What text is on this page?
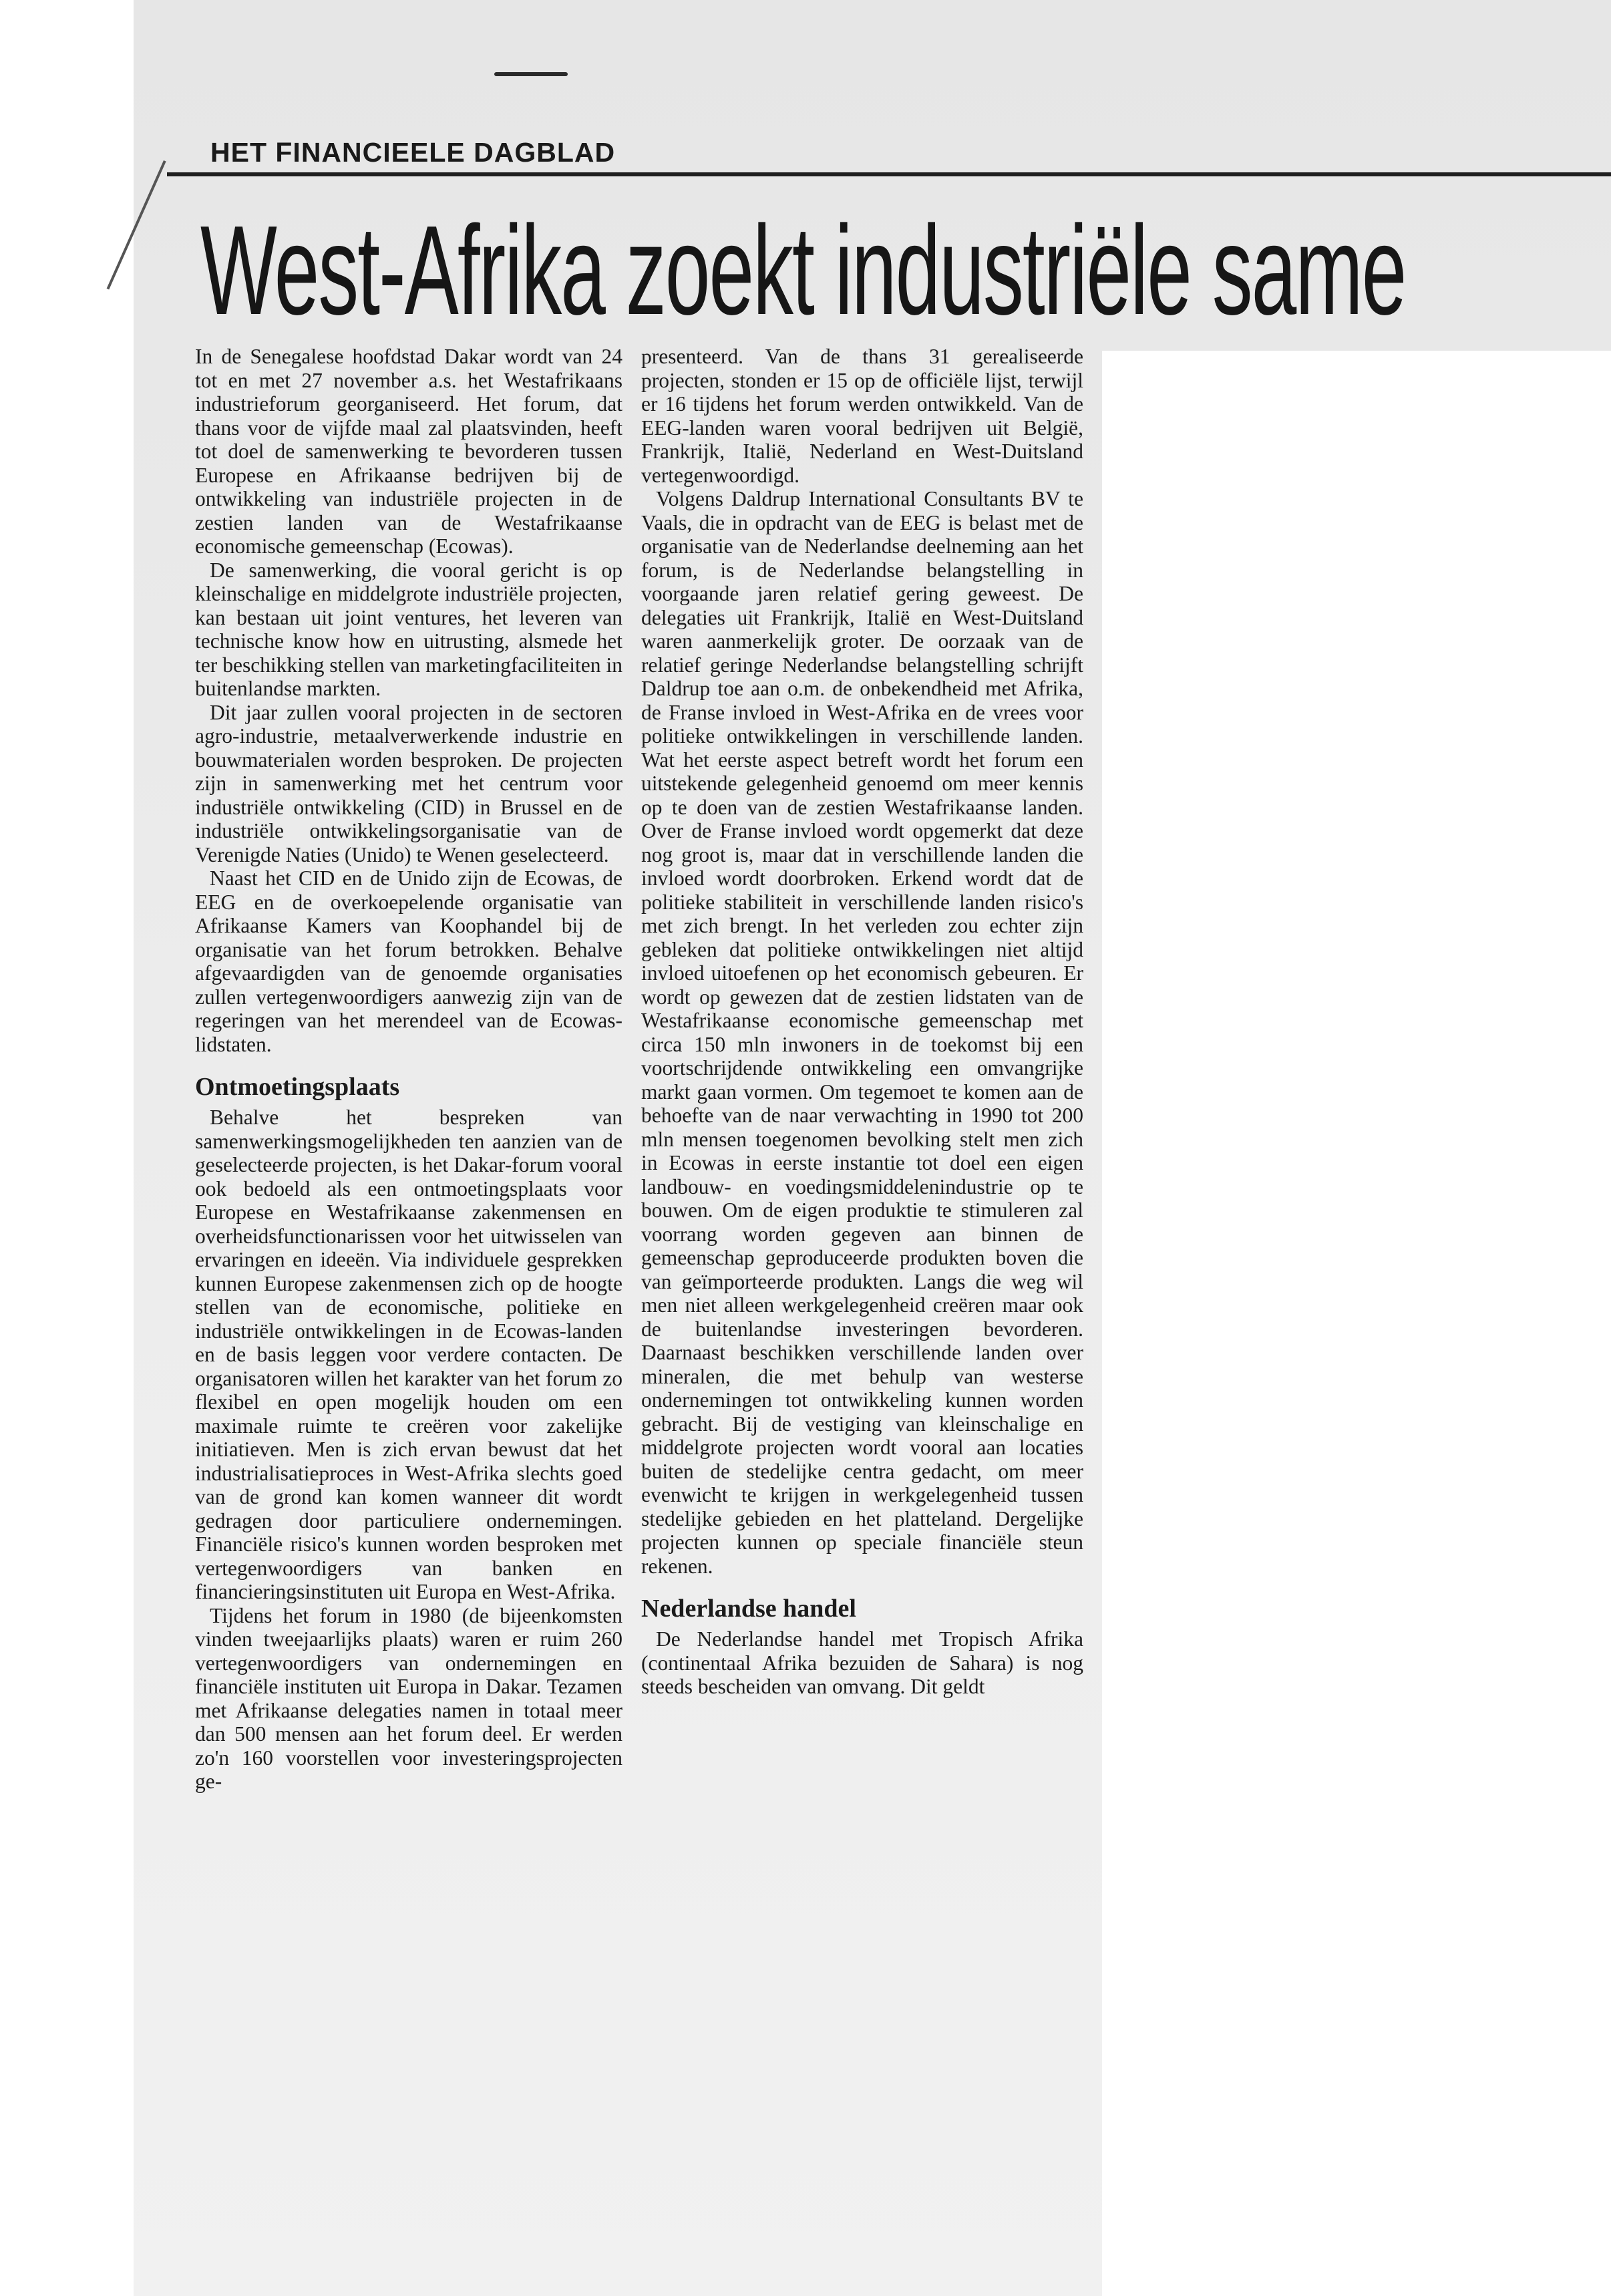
HET FINANCIEELE DAGBLAD
West-Afrika zoekt industriële same

In de Senegalese hoofdstad Dakar wordt van 24 tot en met 27 november a.s. het Westafrikaans industrieforum georganiseerd. Het forum, dat thans voor de vijfde maal zal plaatsvinden, heeft tot doel de samenwerking te bevorderen tussen Europese en Afrikaanse bedrijven bij de ontwikkeling van industriële projecten in de zestien landen van de Westafrikaanse economische gemeenschap (Ecowas).

De samenwerking, die vooral gericht is op kleinschalige en middelgrote industriële projecten, kan bestaan uit joint ventures, het leveren van technische know how en uitrusting, alsmede het ter beschikking stellen van marketingfaciliteiten in buitenlandse markten.

Dit jaar zullen vooral projecten in de sectoren agro-industrie, metaalverwerkende industrie en bouwmaterialen worden besproken. De projecten zijn in samenwerking met het centrum voor industriële ontwikkeling (CID) in Brussel en de industriële ontwikkelingsorganisatie van de Verenigde Naties (Unido) te Wenen geselecteerd.

Naast het CID en de Unido zijn de Ecowas, de EEG en de overkoepelende organisatie van Afrikaanse Kamers van Koophandel bij de organisatie van het forum betrokken. Behalve afgevaardigden van de genoemde organisaties zullen vertegenwoordigers aanwezig zijn van de regeringen van het merendeel van de Ecowas-lidstaten.

Ontmoetingsplaats

Behalve het bespreken van samenwerkingsmogelijkheden ten aanzien van de geselecteerde projecten, is het Dakar-forum vooral ook bedoeld als een ontmoetingsplaats voor Europese en Westafrikaanse zakenmensen en overheidsfunctionarissen voor het uitwisselen van ervaringen en ideeën. Via individuele gesprekken kunnen Europese zakenmensen zich op de hoogte stellen van de economische, politieke en industriële ontwikkelingen in de Ecowas-landen en de basis leggen voor verdere contacten. De organisatoren willen het karakter van het forum zo flexibel en open mogelijk houden om een maximale ruimte te creëren voor zakelijke initiatieven. Men is zich ervan bewust dat het industrialisatieproces in West-Afrika slechts goed van de grond kan komen wanneer dit wordt gedragen door particuliere ondernemingen. Financiële risico's kunnen worden besproken met vertegenwoordigers van banken en financieringsinstituten uit Europa en West-Afrika.

Tijdens het forum in 1980 (de bijeenkomsten vinden tweejaarlijks plaats) waren er ruim 260 vertegenwoordigers van ondernemingen en financiële instituten uit Europa in Dakar. Tezamen met Afrikaanse delegaties namen in totaal meer dan 500 mensen aan het forum deel. Er werden zo'n 160 voorstellen voor investeringsprojecten ge-

presenteerd. Van de thans 31 gerealiseerde projecten, stonden er 15 op de officiële lijst, terwijl er 16 tijdens het forum werden ontwikkeld. Van de EEG-landen waren vooral bedrijven uit België, Frankrijk, Italië, Nederland en West-Duitsland vertegenwoordigd.

Volgens Daldrup International Consultants BV te Vaals, die in opdracht van de EEG is belast met de organisatie van de Nederlandse deelneming aan het forum, is de Nederlandse belangstelling in voorgaande jaren relatief gering geweest. De delegaties uit Frankrijk, Italië en West-Duitsland waren aanmerkelijk groter. De oorzaak van de relatief geringe Nederlandse belangstelling schrijft Daldrup toe aan o.m. de onbekendheid met Afrika, de Franse invloed in West-Afrika en de vrees voor politieke ontwikkelingen in verschillende landen. Wat het eerste aspect betreft wordt het forum een uitstekende gelegenheid genoemd om meer kennis op te doen van de zestien Westafrikaanse landen. Over de Franse invloed wordt opgemerkt dat deze nog groot is, maar dat in verschillende landen die invloed wordt doorbroken. Erkend wordt dat de politieke stabiliteit in verschillende landen risico's met zich brengt. In het verleden zou echter zijn gebleken dat politieke ontwikkelingen niet altijd invloed uitoefenen op het economisch gebeuren. Er wordt op gewezen dat de zestien lidstaten van de Westafrikaanse economische gemeenschap met circa 150 mln inwoners in de toekomst bij een voortschrijdende ontwikkeling een omvangrijke markt gaan vormen. Om tegemoet te komen aan de behoefte van de naar verwachting in 1990 tot 200 mln mensen toegenomen bevolking stelt men zich in Ecowas in eerste instantie tot doel een eigen landbouw- en voedingsmiddelenindustrie op te bouwen. Om de eigen produktie te stimuleren zal voorrang worden gegeven aan binnen de gemeenschap geproduceerde produkten boven die van geïmporteerde produkten. Langs die weg wil men niet alleen werkgelegenheid creëren maar ook de buitenlandse investeringen bevorderen. Daarnaast beschikken verschillende landen over mineralen, die met behulp van westerse ondernemingen tot ontwikkeling kunnen worden gebracht. Bij de vestiging van kleinschalige en middelgrote projecten wordt vooral aan locaties buiten de stedelijke centra gedacht, om meer evenwicht te krijgen in werkgelegenheid tussen stedelijke gebieden en het platteland. Dergelijke projecten kunnen op speciale financiële steun rekenen.

Nederlandse handel

De Nederlandse handel met Tropisch Afrika (continentaal Afrika bezuiden de Sahara) is nog steeds bescheiden van omvang. Dit geldt
